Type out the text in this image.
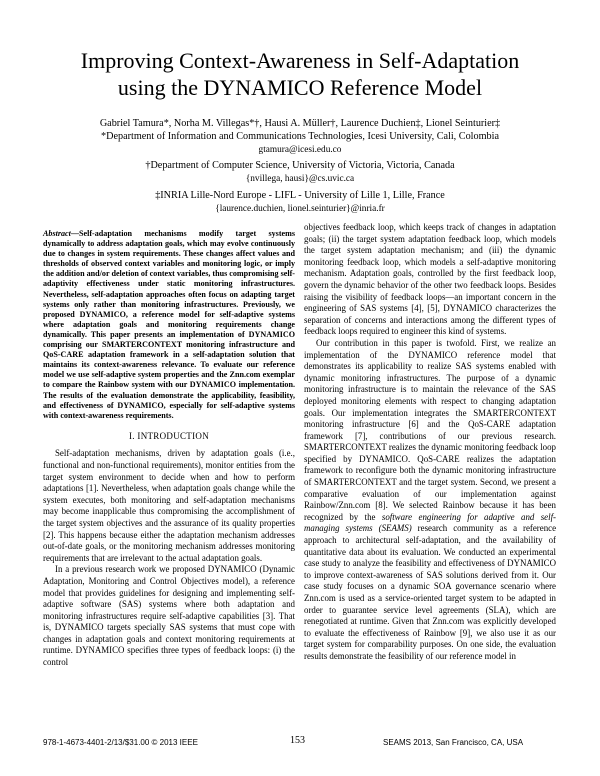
Improving Context-Awareness in Self-Adaptation
using the DYNAMICO Reference Model
Gabriel Tamura*, Norha M. Villegas*†, Hausi A. Müller†, Laurence Duchien‡, Lionel Seinturier‡
*Department of Information and Communications Technologies, Icesi University, Cali, Colombia
gtamura@icesi.edu.co
†Department of Computer Science, University of Victoria, Victoria, Canada
{nvillega, hausi}@cs.uvic.ca
‡INRIA Lille-Nord Europe - LIFL - University of Lille 1, Lille, France
{laurence.duchien, lionel.seinturier}@inria.fr
Abstract—Self-adaptation mechanisms modify target systems dynamically to address adaptation goals, which may evolve continuously due to changes in system requirements. These changes affect values and thresholds of observed context variables and monitoring logic, or imply the addition and/or deletion of context variables, thus compromising self-adaptivity effectiveness under static monitoring infrastructures. Nevertheless, self-adaptation approaches often focus on adapting target systems only rather than monitoring infrastructures. Previously, we proposed DYNAMICO, a reference model for self-adaptive systems where adaptation goals and monitoring requirements change dynamically. This paper presents an implementation of DYNAMICO comprising our SMARTERCONTEXT monitoring infrastructure and QoS-CARE adaptation framework in a self-adaptation solution that maintains its context-awareness relevance. To evaluate our reference model we use self-adaptive system properties and the Znn.com exemplar to compare the Rainbow system with our DYNAMICO implementation. The results of the evaluation demonstrate the applicability, feasibility, and effectiveness of DYNAMICO, especially for self-adaptive systems with context-awareness requirements.
I. INTRODUCTION

Self-adaptation mechanisms, driven by adaptation goals (i.e., functional and non-functional requirements), monitor entities from the target system environment to decide when and how to perform adaptations [1]. Nevertheless, when adaptation goals change while the system executes, both monitoring and self-adaptation mechanisms may become inapplicable thus compromising the accomplishment of the target system objectives and the assurance of its quality properties [2]. This happens because either the adaptation mechanism addresses out-of-date goals, or the monitoring mechanism addresses monitoring requirements that are irrelevant to the actual adaptation goals.

In a previous research work we proposed DYNAMICO (Dynamic Adaptation, Monitoring and Control Objectives model), a reference model that provides guidelines for designing and implementing self-adaptive software (SAS) systems where both adaptation and monitoring infrastructures require self-adaptive capabilities [3]. That is, DYNAMICO targets specially SAS systems that must cope with changes in adaptation goals and context monitoring requirements at runtime. DYNAMICO specifies three types of feedback loops: (i) the control

objectives feedback loop, which keeps track of changes in adaptation goals; (ii) the target system adaptation feedback loop, which models the target system adaptation mechanism; and (iii) the dynamic monitoring feedback loop, which models a self-adaptive monitoring mechanism. Adaptation goals, controlled by the first feedback loop, govern the dynamic behavior of the other two feedback loops. Besides raising the visibility of feedback loops—an important concern in the engineering of SAS systems [4], [5], DYNAMICO characterizes the separation of concerns and interactions among the different types of feedback loops required to engineer this kind of systems.

Our contribution in this paper is twofold. First, we realize an implementation of the DYNAMICO reference model that demonstrates its applicability to realize SAS systems enabled with dynamic monitoring infrastructures. The purpose of a dynamic monitoring infrastructure is to maintain the relevance of the SAS deployed monitoring elements with respect to changing adaptation goals. Our implementation integrates the SMARTERCONTEXT monitoring infrastructure [6] and the QoS-CARE adaptation framework [7], contributions of our previous research. SMARTERCONTEXT realizes the dynamic monitoring feedback loop specified by DYNAMICO. QoS-CARE realizes the adaptation framework to reconfigure both the dynamic monitoring infrastructure of SMARTERCONTEXT and the target system. Second, we present a comparative evaluation of our implementation against Rainbow/Znn.com [8]. We selected Rainbow because it has been recognized by the software engineering for adaptive and self-managing systems (SEAMS) research community as a reference approach to architectural self-adaptation, and the availability of quantitative data about its evaluation. We conducted an experimental case study to analyze the feasibility and effectiveness of DYNAMICO to improve context-awareness of SAS solutions derived from it. Our case study focuses on a dynamic SOA governance scenario where Znn.com is used as a service-oriented target system to be adapted in order to guarantee service level agreements (SLA), which are renegotiated at runtime. Given that Znn.com was explicitly developed to evaluate the effectiveness of Rainbow [9], we also use it as our target system for comparability purposes. On one side, the evaluation results demonstrate the feasibility of our reference model in

978-1-4673-4401-2/13/$31.00 © 2013 IEEE	153	SEAMS 2013, San Francisco, CA, USA
